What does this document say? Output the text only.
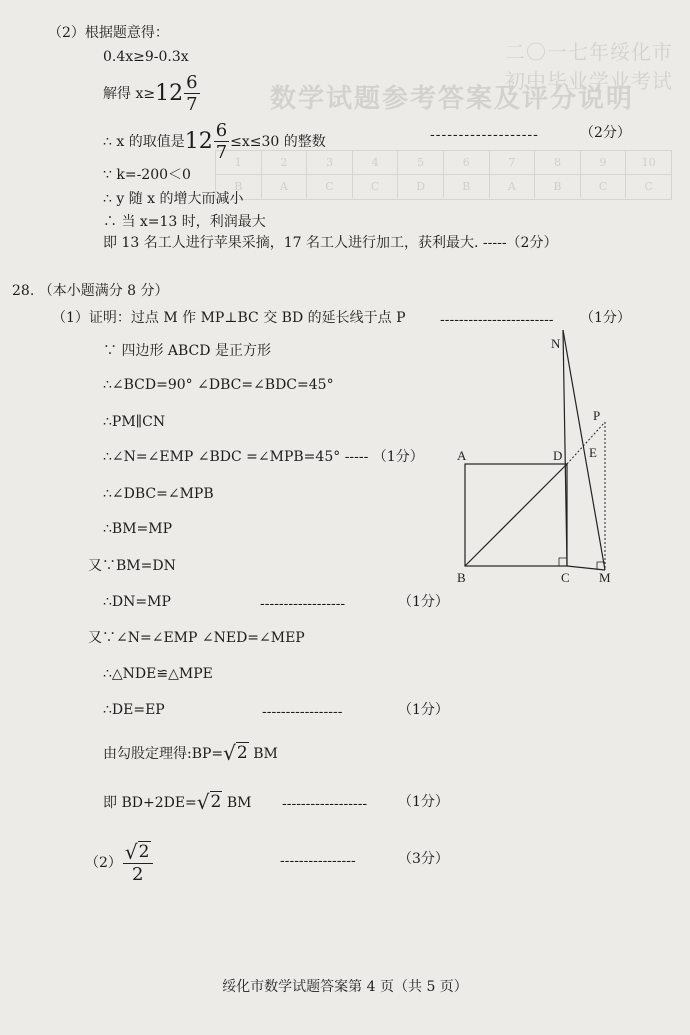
二〇一七年绥化市初中毕业学业考试
数学试题参考答案及评分说明
1	2	3	4	5	6	7	8	9	10
B	A	C	C	D	B	A	B	C	C
（2）根据题意得：
0.4x≥9-0.3x
解得 $x\ge 12 \frac{6}{7}$
∴ x 的取值是$12 \frac{6}{7} \le x\le 30$ 的整数	-------------------	（2分）
∵ k=-200＜0
∴ y 随 x 的增大而减小
∴ 当 x=13 时，利润最大
即 13 名工人进行苹果采摘，17 名工人进行加工，获利最大. -----（2分）
28. （本小题满分 8 分）
（1）证明：过点 M 作 MP⊥BC 交 BD 的延长线于点 P ------------------------ （1分）
∵ 四边形 ABCD 是正方形
∴∠BCD=90° ∠DBC=∠BDC=45°
∴PM∥CN
∴∠N=∠EMP ∠BDC =∠MPB=45° ----- （1分）
∴∠DBC=∠MPB
∴BM=MP
又∵BM=DN
∴DN=MP	------------------	（1分）
又∵∠N=∠EMP ∠NED=∠MEP
∴△NDE≌△MPE
∴DE=EP	-----------------	（1分）
由勾股定理得:BP=√2 BM
即 BD+2DE=√2 BM ------------------ （1分）
$(2) \frac{√2}{2}$	----------------	（3分）
A
B	C
D E
M
N
P
绥化市数学试题答案第 4 页（共 5 页）
